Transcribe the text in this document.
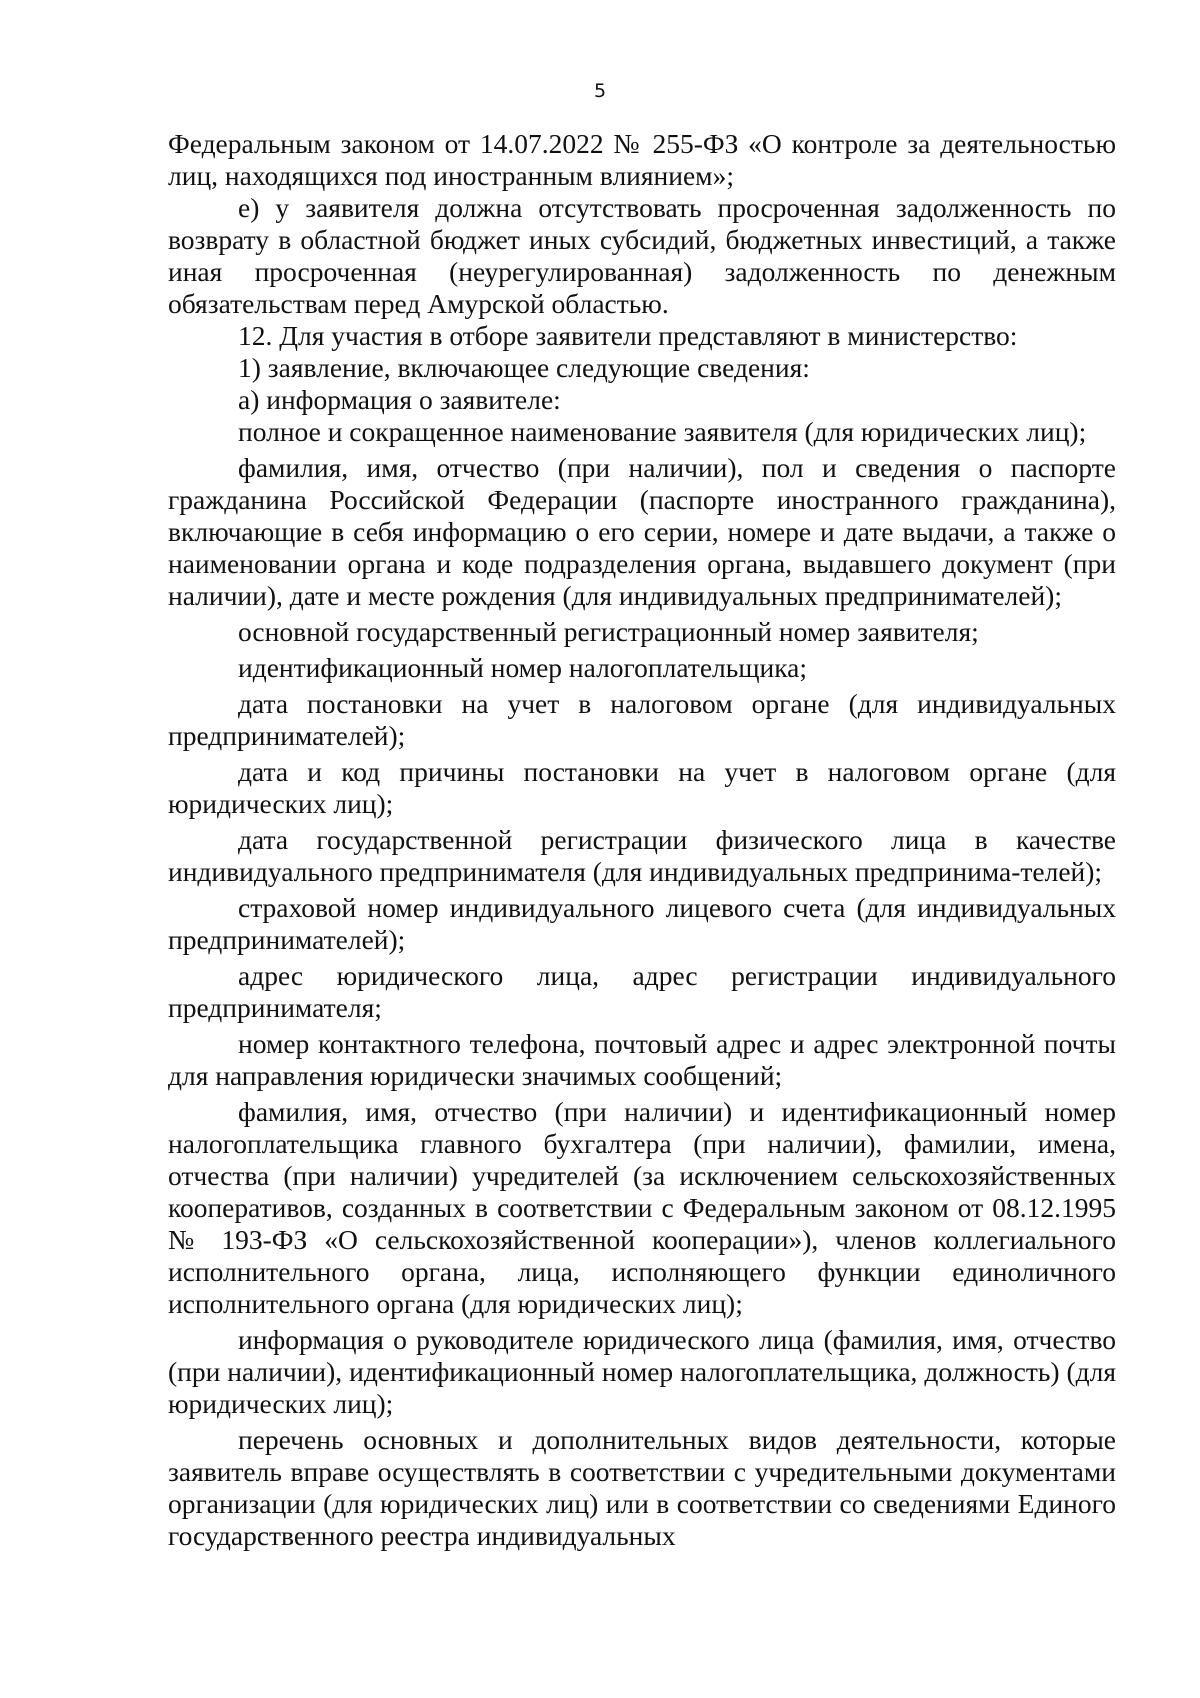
5

Федеральным законом от 14.07.2022 № 255-ФЗ «О контроле за деятельностью лиц, находящихся под иностранным влиянием»;

е) у заявителя должна отсутствовать просроченная задолженность по возврату в областной бюджет иных субсидий, бюджетных инвестиций, а также иная просроченная (неурегулированная) задолженность по денежным обязательствам перед Амурской областью.

12. Для участия в отборе заявители представляют в министерство:

1) заявление, включающее следующие сведения:

а) информация о заявителе:

полное и сокращенное наименование заявителя (для юридических лиц);

фамилия, имя, отчество (при наличии), пол и сведения о паспорте гражданина Российской Федерации (паспорте иностранного гражданина), включающие в себя информацию о его серии, номере и дате выдачи, а также о наименовании органа и коде подразделения органа, выдавшего документ (при наличии), дате и месте рождения (для индивидуальных предпринимателей);

основной государственный регистрационный номер заявителя;

идентификационный номер налогоплательщика;

дата постановки на учет в налоговом органе (для индивидуальных предпринимателей);

дата и код причины постановки на учет в налоговом органе (для юридических лиц);

дата государственной регистрации физического лица в качестве индивидуального предпринимателя (для индивидуальных предпринима-телей);

страховой номер индивидуального лицевого счета (для индивидуальных предпринимателей);

адрес юридического лица, адрес регистрации индивидуального предпринимателя;

номер контактного телефона, почтовый адрес и адрес электронной почты для направления юридически значимых сообщений;

фамилия, имя, отчество (при наличии) и идентификационный номер налогоплательщика главного бухгалтера (при наличии), фамилии, имена, отчества (при наличии) учредителей (за исключением сельскохозяйственных кооперативов, созданных в соответствии с Федеральным законом от 08.12.1995 № 193-ФЗ «О сельскохозяйственной кооперации»), членов коллегиального исполнительного органа, лица, исполняющего функции единоличного исполнительного органа (для юридических лиц);

информация о руководителе юридического лица (фамилия, имя, отчество (при наличии), идентификационный номер налогоплательщика, должность) (для юридических лиц);

перечень основных и дополнительных видов деятельности, которые заявитель вправе осуществлять в соответствии с учредительными документами организации (для юридических лиц) или в соответствии со сведениями Единого государственного реестра индивидуальных
